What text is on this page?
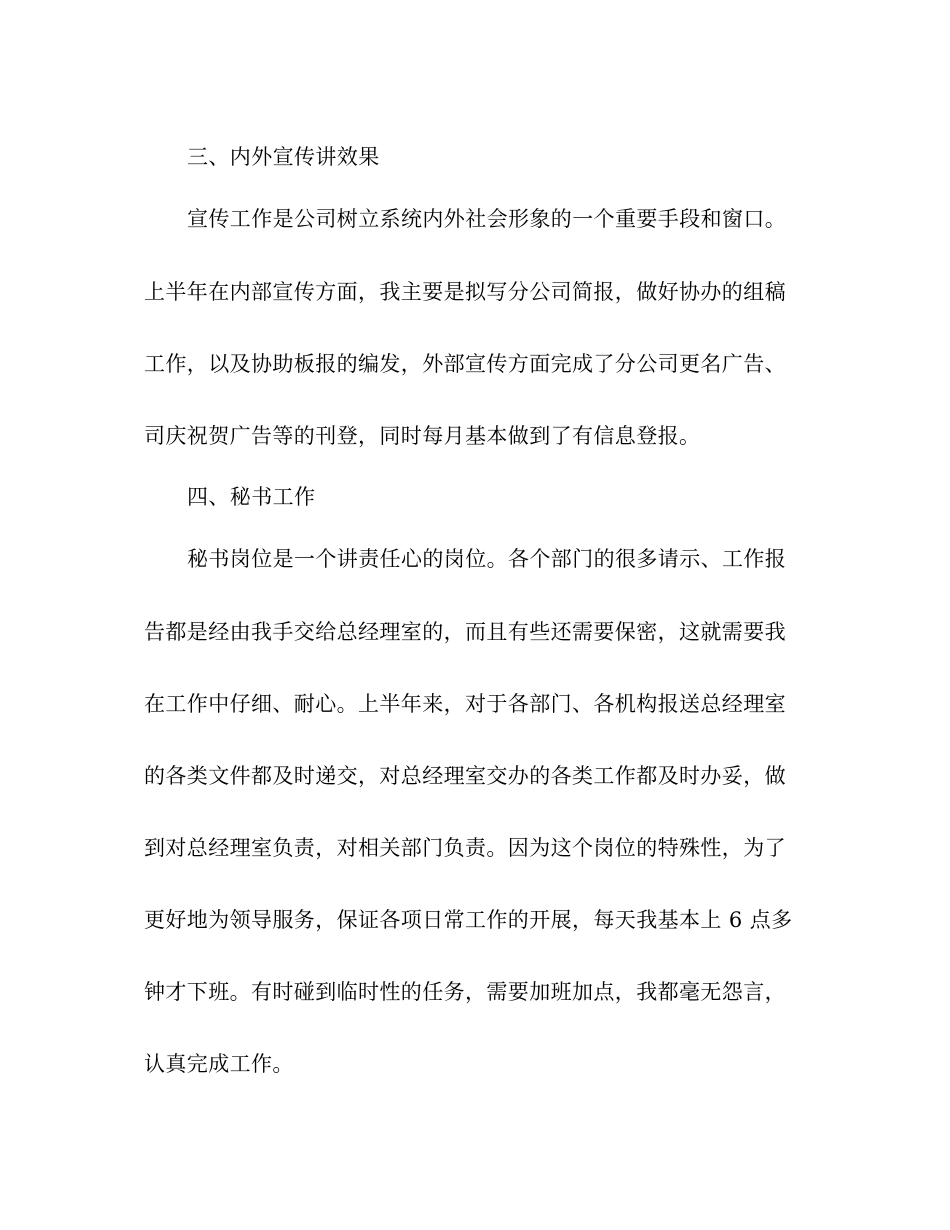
三、内外宣传讲效果
宣传工作是公司树立系统内外社会形象的一个重要手段和窗口。
上半年在内部宣传方面，我主要是拟写分公司简报，做好协办的组稿
工作，以及协助板报的编发，外部宣传方面完成了分公司更名广告、
司庆祝贺广告等的刊登，同时每月基本做到了有信息登报。
四、秘书工作
秘书岗位是一个讲责任心的岗位。各个部门的很多请示、工作报
告都是经由我手交给总经理室的，而且有些还需要保密，这就需要我
在工作中仔细、耐心。上半年来，对于各部门、各机构报送总经理室
的各类文件都及时递交，对总经理室交办的各类工作都及时办妥，做
到对总经理室负责，对相关部门负责。因为这个岗位的特殊性，为了
更好地为领导服务，保证各项日常工作的开展，每天我基本上 6 点多
钟才下班。有时碰到临时性的任务，需要加班加点，我都毫无怨言，
认真完成工作。
